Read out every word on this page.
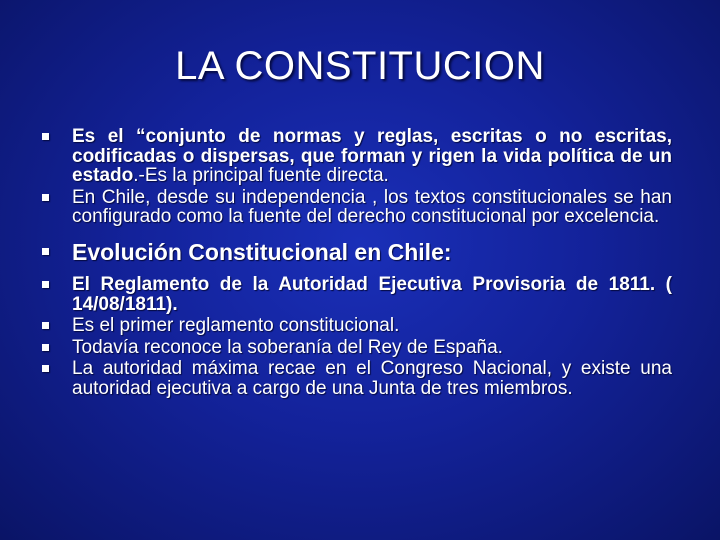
LA CONSTITUCION
Es el “conjunto de normas y reglas, escritas o no escritas, codificadas o dispersas, que forman y rigen la vida política de un estado.-Es la principal fuente directa.
En Chile, desde su independencia , los textos constitucionales se han configurado como la fuente del derecho constitucional por excelencia.
Evolución Constitucional en Chile:
El Reglamento de la Autoridad Ejecutiva Provisoria de 1811. ( 14/08/1811).
Es el primer reglamento constitucional.
Todavía reconoce la soberanía del Rey de España.
La autoridad máxima recae en el Congreso Nacional, y existe una autoridad ejecutiva a cargo de una Junta de tres miembros.
